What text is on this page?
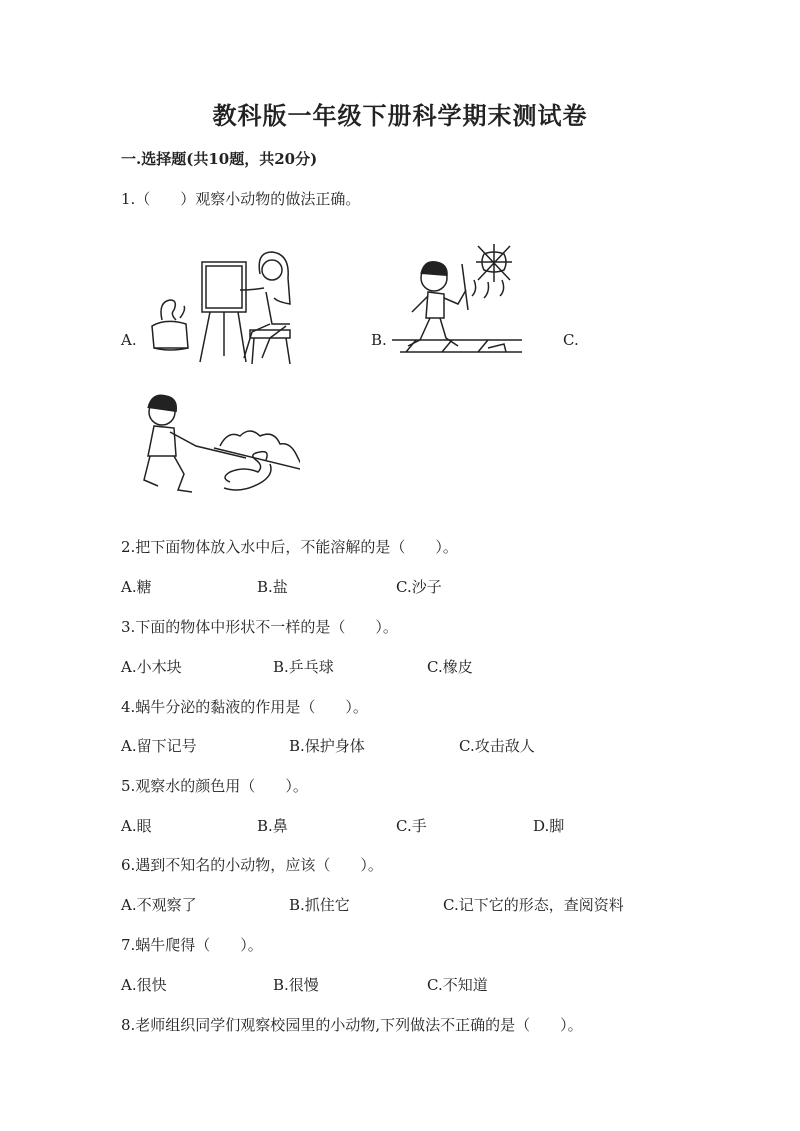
教科版一年级下册科学期末测试卷
一.选择题(共10题，共20分)
1.（　　）观察小动物的做法正确。
A.	B.	C.
2.把下面物体放入水中后，不能溶解的是（　　）。
A.糖	B.盐	C.沙子
3.下面的物体中形状不一样的是（　　）。
A.小木块	B.乒乓球	C.橡皮
4.蜗牛分泌的黏液的作用是（　　）。
A.留下记号	B.保护身体	C.攻击敌人
5.观察水的颜色用（　　）。
A.眼	B.鼻	C.手	D.脚
6.遇到不知名的小动物，应该（　　）。
A.不观察了	B.抓住它	C.记下它的形态，查阅资料
7.蜗牛爬得（　　）。
A.很快	B.很慢	C.不知道
8.老师组织同学们观察校园里的小动物,下列做法不正确的是（　　）。
